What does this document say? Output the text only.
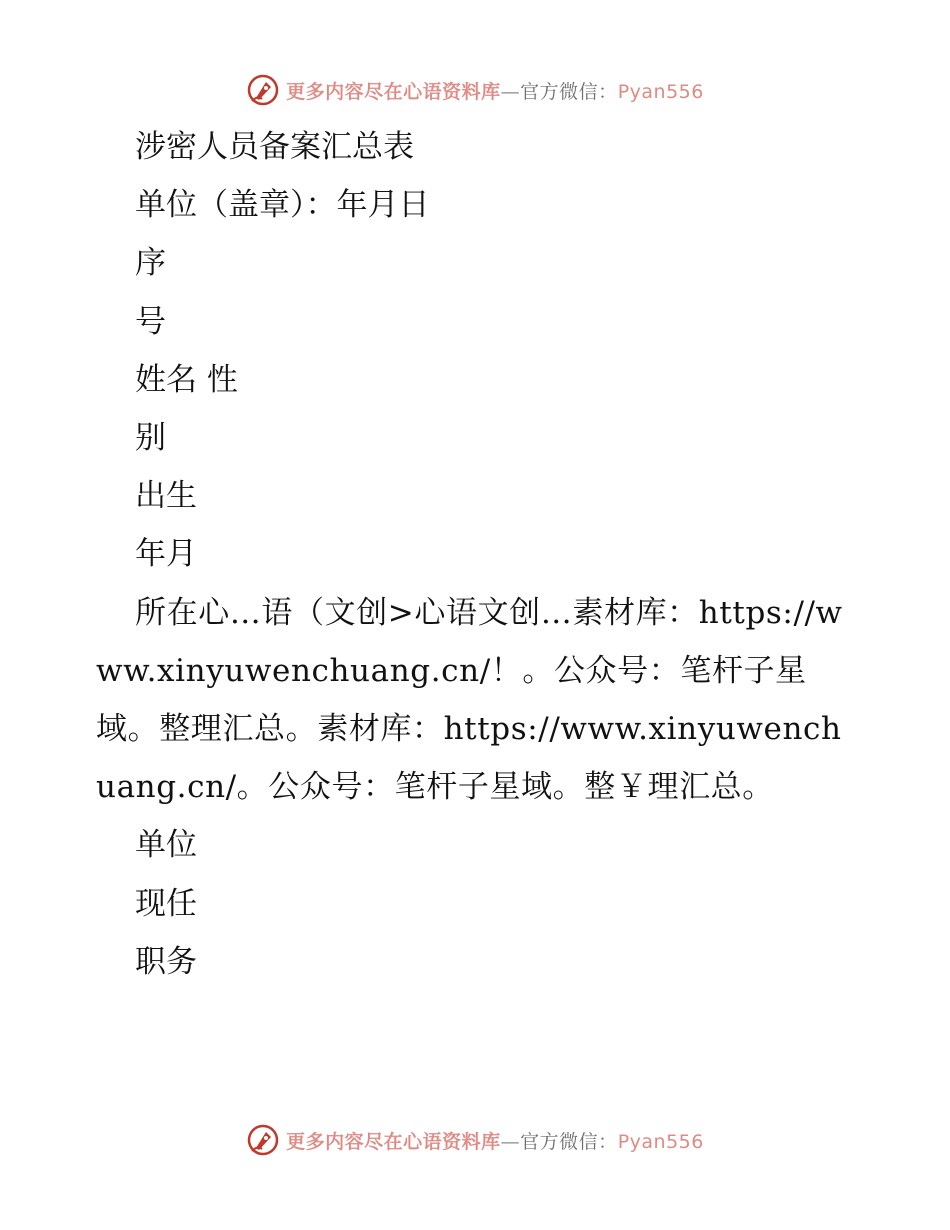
更多内容尽在心语资料库—官方微信：Pyan556
涉密人员备案汇总表
单位（盖章）：年月日
序
号
姓名 性
别
出生
年月
所在心…语（文创>心语文创…素材库：https://www.xinyuwenchuang.cn/！。公众号：笔杆子星域。整理汇总。素材库：https://www.xinyuwenchuang.cn/。公众号：笔杆子星域。整￥理汇总。
单位
现任
职务
更多内容尽在心语资料库—官方微信：Pyan556
